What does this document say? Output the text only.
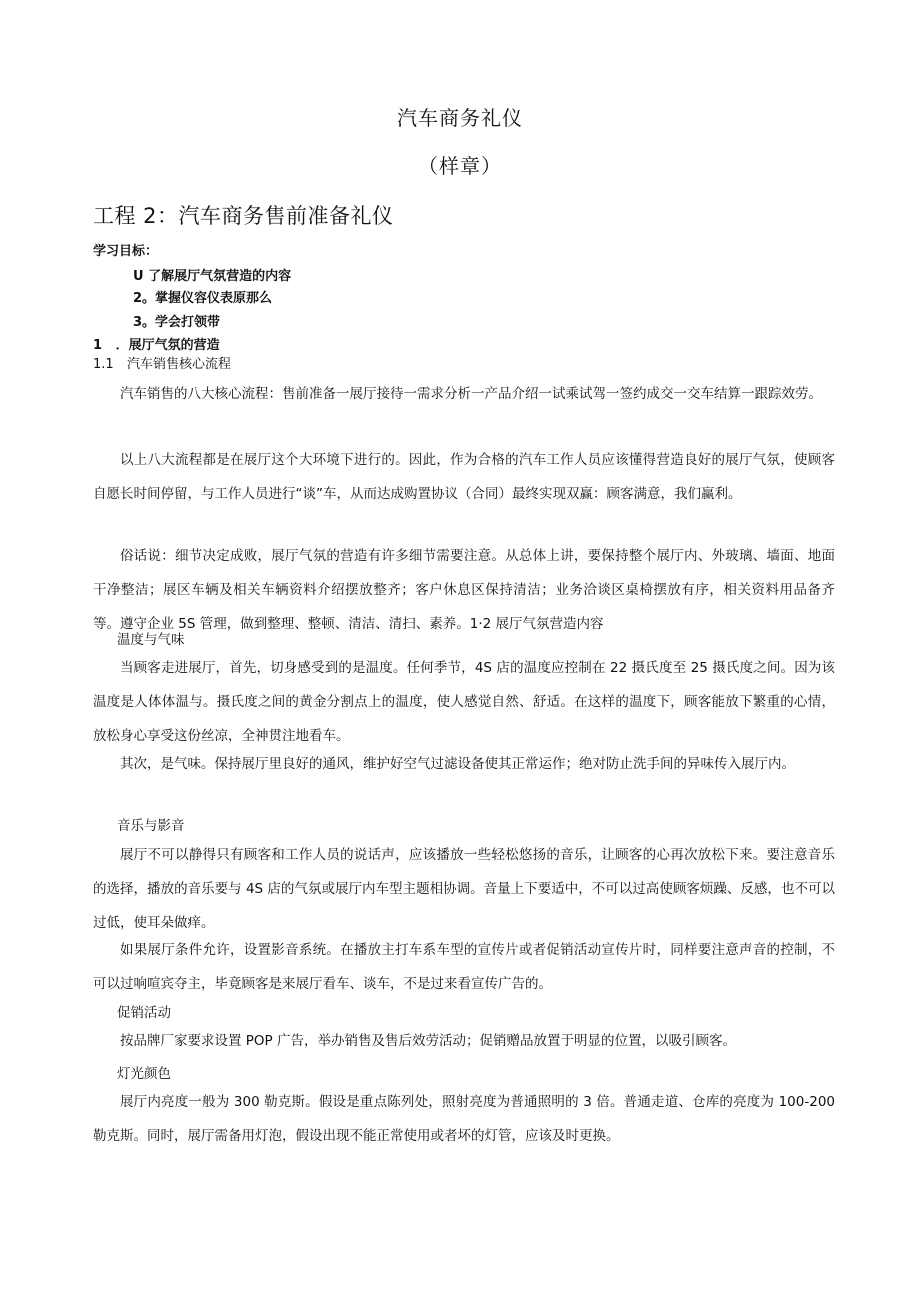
汽车商务礼仪
（样章）
工程 2：汽车商务售前准备礼仪
学习目标：
U 了解展厅气氛营造的内容
2。掌握仪容仪表原那么
3。学会打领带
1   ．展厅气氛的营造
1.1 汽车销售核心流程

汽车销售的八大核心流程：售前准备一展厅接待一需求分析一产品介绍一试乘试驾一签约成交一交车结算一跟踪效劳。

以上八大流程都是在展厅这个大环境下进行的。因此，作为合格的汽车工作人员应该懂得营造良好的展厅气氛，使顾客自愿长时间停留，与工作人员进行“谈”车，从而达成购置协议（合同）最终实现双赢：顾客满意，我们赢利。

俗话说：细节决定成败，展厅气氛的营造有许多细节需要注意。从总体上讲，要保持整个展厅内、外玻璃、墙面、地面干净整洁；展区车辆及相关车辆资料介绍摆放整齐；客户休息区保持清洁；业务洽谈区桌椅摆放有序，相关资料用品备齐等。遵守企业 5S 管理，做到整理、整顿、清洁、清扫、素养。1·2 展厅气氛营造内容

温度与气味

当顾客走进展厅，首先，切身感受到的是温度。任何季节，4S 店的温度应控制在 22 摄氏度至 25 摄氏度之间。因为该温度是人体体温与。摄氏度之间的黄金分割点上的温度，使人感觉自然、舒适。在这样的温度下，顾客能放下繁重的心情，放松身心享受这份丝凉，全神贯注地看车。

其次，是气味。保持展厅里良好的通风，维护好空气过滤设备使其正常运作；绝对防止洗手间的异味传入展厅内。

音乐与影音

展厅不可以静得只有顾客和工作人员的说话声，应该播放一些轻松悠扬的音乐，让顾客的心再次放松下来。要注意音乐的选择，播放的音乐要与 4S 店的气氛或展厅内车型主题相协调。音量上下要适中，不可以过高使顾客烦躁、反感，也不可以过低，使耳朵做痒。

如果展厅条件允许，设置影音系统。在播放主打车系车型的宣传片或者促销活动宣传片时，同样要注意声音的控制，不可以过响喧宾夺主，毕竟顾客是来展厅看车、谈车，不是过来看宣传广告的。

促销活动

按品牌厂家要求设置 POP 广告，举办销售及售后效劳活动；促销赠品放置于明显的位置，以吸引顾客。

灯光颜色

展厅内亮度一般为 300 勒克斯。假设是重点陈列处，照射亮度为普通照明的 3 倍。普通走道、仓库的亮度为 100-200 勒克斯。同时，展厅需备用灯泡，假设出现不能正常使用或者坏的灯管，应该及时更换。
